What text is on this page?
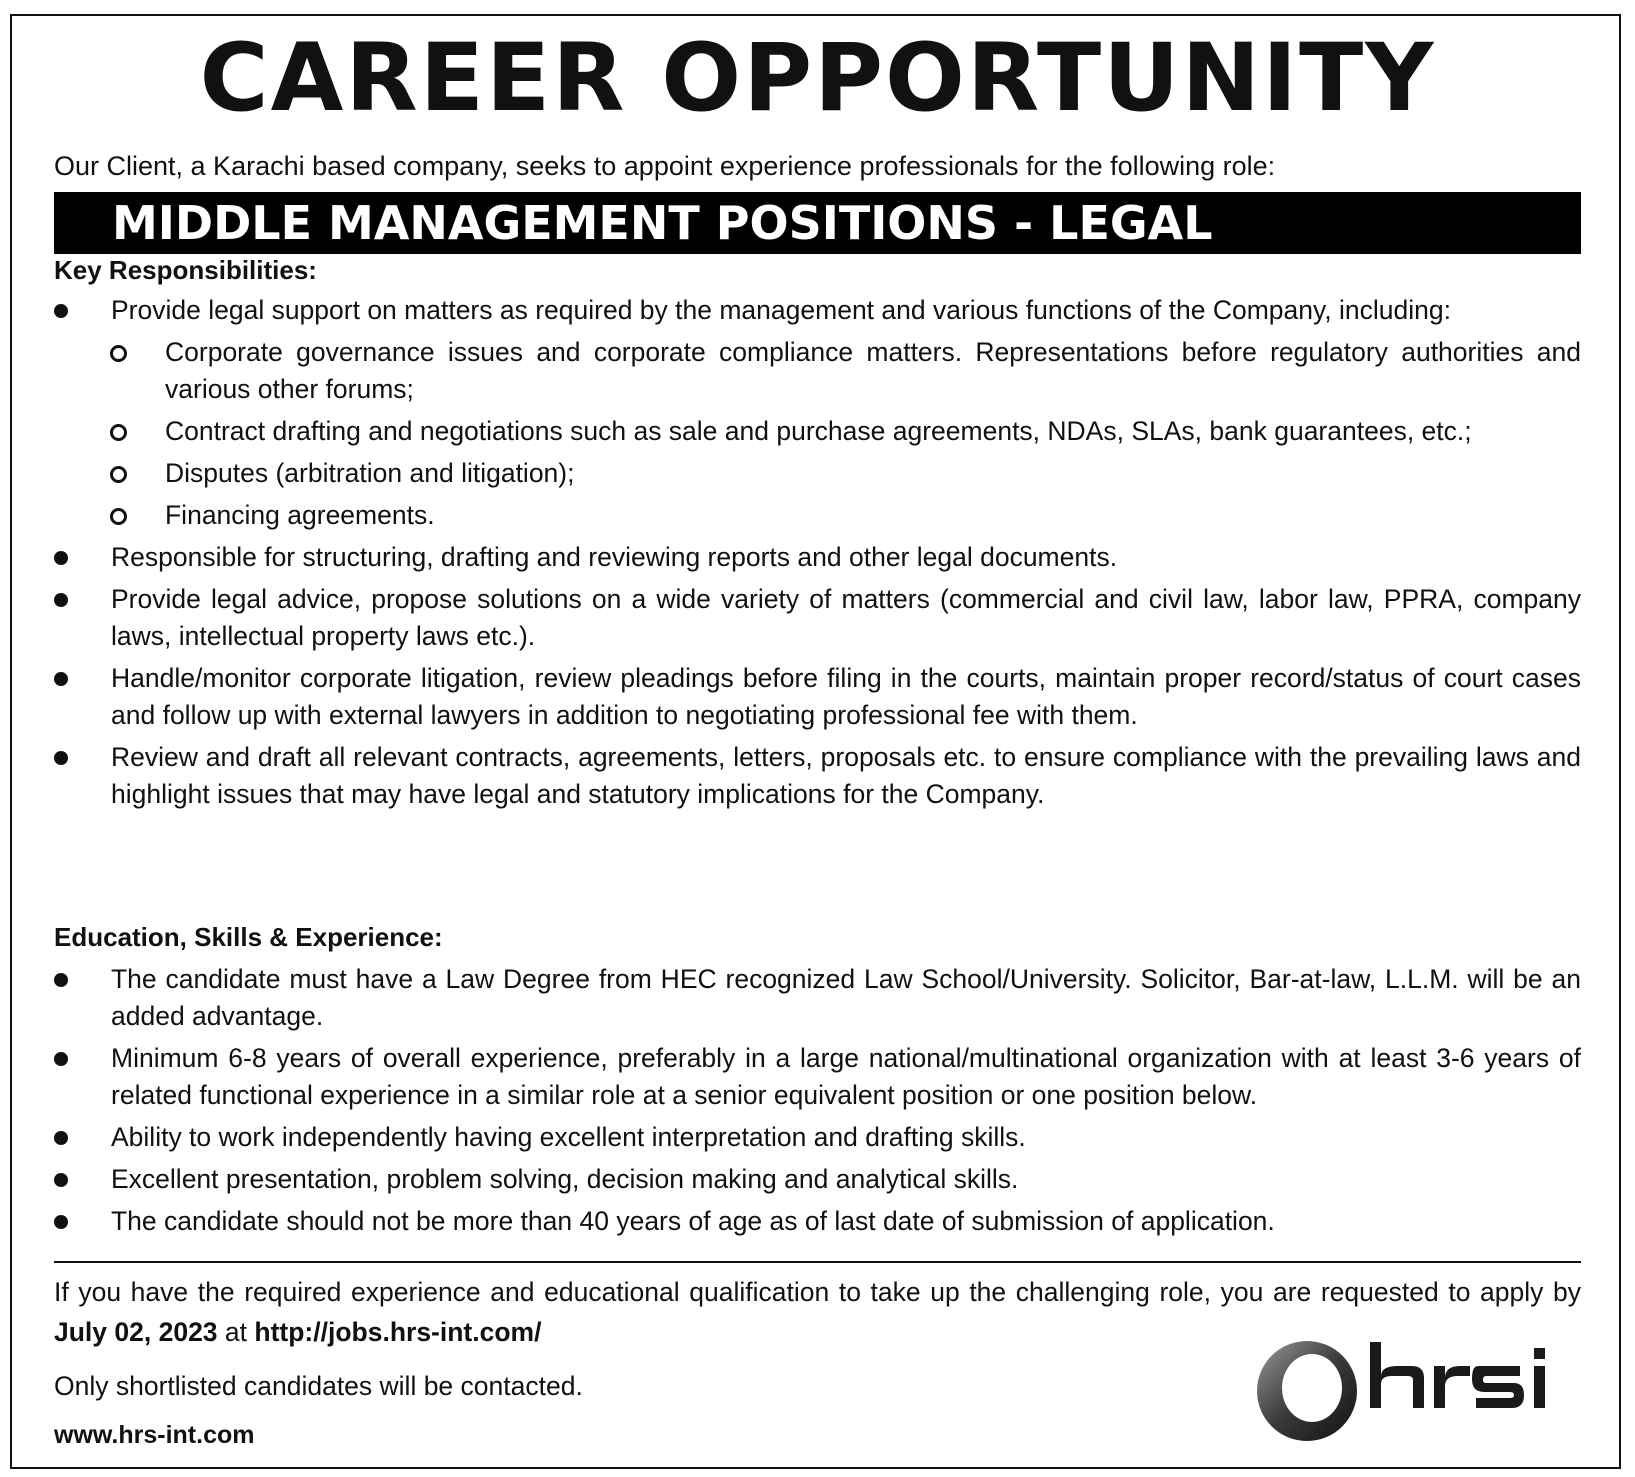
CAREER OPPORTUNITY
Our Client, a Karachi based company, seeks to appoint experience professionals for the following role:
MIDDLE MANAGEMENT POSITIONS - LEGAL
Key Responsibilities:
Provide legal support on matters as required by the management and various functions of the Company, including:
Corporate governance issues and corporate compliance matters. Representations before regulatory authorities and various other forums;
Contract drafting and negotiations such as sale and purchase agreements, NDAs, SLAs, bank guarantees, etc.;
Disputes (arbitration and litigation);
Financing agreements.
Responsible for structuring, drafting and reviewing reports and other legal documents.
Provide legal advice, propose solutions on a wide variety of matters (commercial and civil law, labor law, PPRA, company laws, intellectual property laws etc.).
Handle/monitor corporate litigation, review pleadings before filing in the courts, maintain proper record/status of court cases and follow up with external lawyers in addition to negotiating professional fee with them.
Review and draft all relevant contracts, agreements, letters, proposals etc. to ensure compliance with the prevailing laws and highlight issues that may have legal and statutory implications for the Company.
Education, Skills & Experience:
The candidate must have a Law Degree from HEC recognized Law School/University. Solicitor, Bar-at-law, L.L.M. will be an added advantage.
Minimum 6-8 years of overall experience, preferably in a large national/multinational organization with at least 3-6 years of related functional experience in a similar role at a senior equivalent position or one position below.
Ability to work independently having excellent interpretation and drafting skills.
Excellent presentation, problem solving, decision making and analytical skills.
The candidate should not be more than 40 years of age as of last date of submission of application.
If you have the required experience and educational qualification to take up the challenging role, you are requested to apply by July 02, 2023 at http://jobs.hrs-int.com/
Only shortlisted candidates will be contacted.
www.hrs-int.com
